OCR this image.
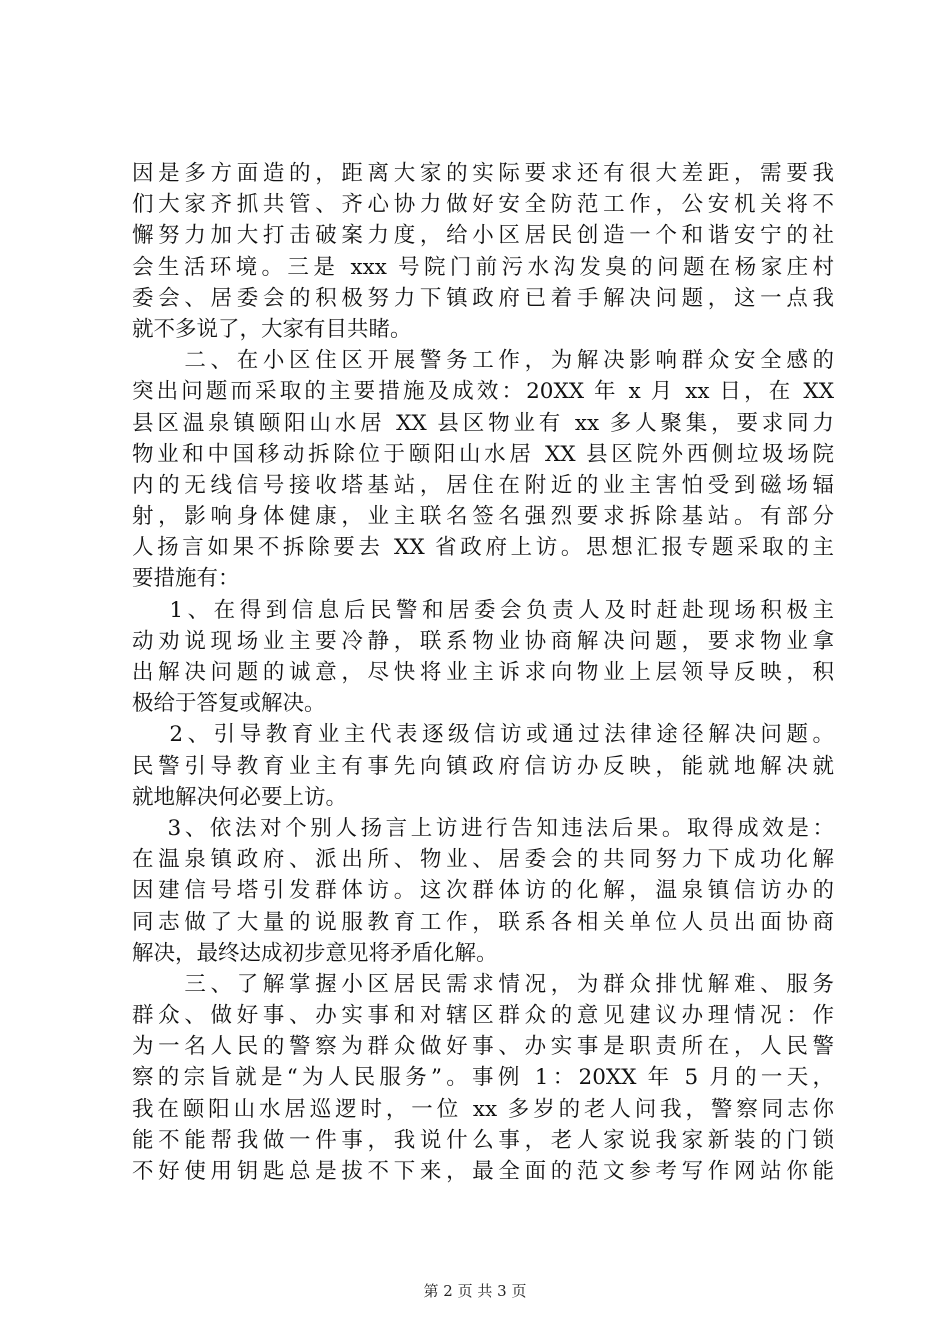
因是多方面造的，距离大家的实际要求还有很大差距，需要我
们大家齐抓共管、齐心协力做好安全防范工作，公安机关将不
懈努力加大打击破案力度，给小区居民创造一个和谐安宁的社
会生活环境。三是 xxx 号院门前污水沟发臭的问题在杨家庄村
委会、居委会的积极努力下镇政府已着手解决问题，这一点我
就不多说了，大家有目共睹。
　　二、在小区住区开展警务工作，为解决影响群众安全感的
突出问题而采取的主要措施及成效：20XX 年 x 月 xx 日，在 XX
县区温泉镇颐阳山水居 XX 县区物业有 xx 多人聚集，要求同力
物业和中国移动拆除位于颐阳山水居 XX 县区院外西侧垃圾场院
内的无线信号接收塔基站，居住在附近的业主害怕受到磁场辐
射，影响身体健康，业主联名签名强烈要求拆除基站。有部分
人扬言如果不拆除要去 XX 省政府上访。思想汇报专题采取的主
要措施有：
　 1、在得到信息后民警和居委会负责人及时赶赴现场积极主
动劝说现场业主要冷静，联系物业协商解决问题，要求物业拿
出解决问题的诚意，尽快将业主诉求向物业上层领导反映，积
极给于答复或解决。
　 2、引导教育业主代表逐级信访或通过法律途径解决问题。
民警引导教育业主有事先向镇政府信访办反映，能就地解决就
就地解决何必要上访。
　 3、依法对个别人扬言上访进行告知违法后果。取得成效是：
在温泉镇政府、派出所、物业、居委会的共同努力下成功化解
因建信号塔引发群体访。这次群体访的化解，温泉镇信访办的
同志做了大量的说服教育工作，联系各相关单位人员出面协商
解决，最终达成初步意见将矛盾化解。
　　三、了解掌握小区居民需求情况，为群众排忧解难、服务
群众、做好事、办实事和对辖区群众的意见建议办理情况：作
为一名人民的警察为群众做好事、办实事是职责所在，人民警
察的宗旨就是“为人民服务”。事例 1：20XX 年 5 月的一天，
我在颐阳山水居巡逻时，一位 xx 多岁的老人问我，警察同志你
能不能帮我做一件事，我说什么事，老人家说我家新装的门锁
不好使用钥匙总是拔不下来，最全面的范文参考写作网站你能
第 2 页 共 3 页
